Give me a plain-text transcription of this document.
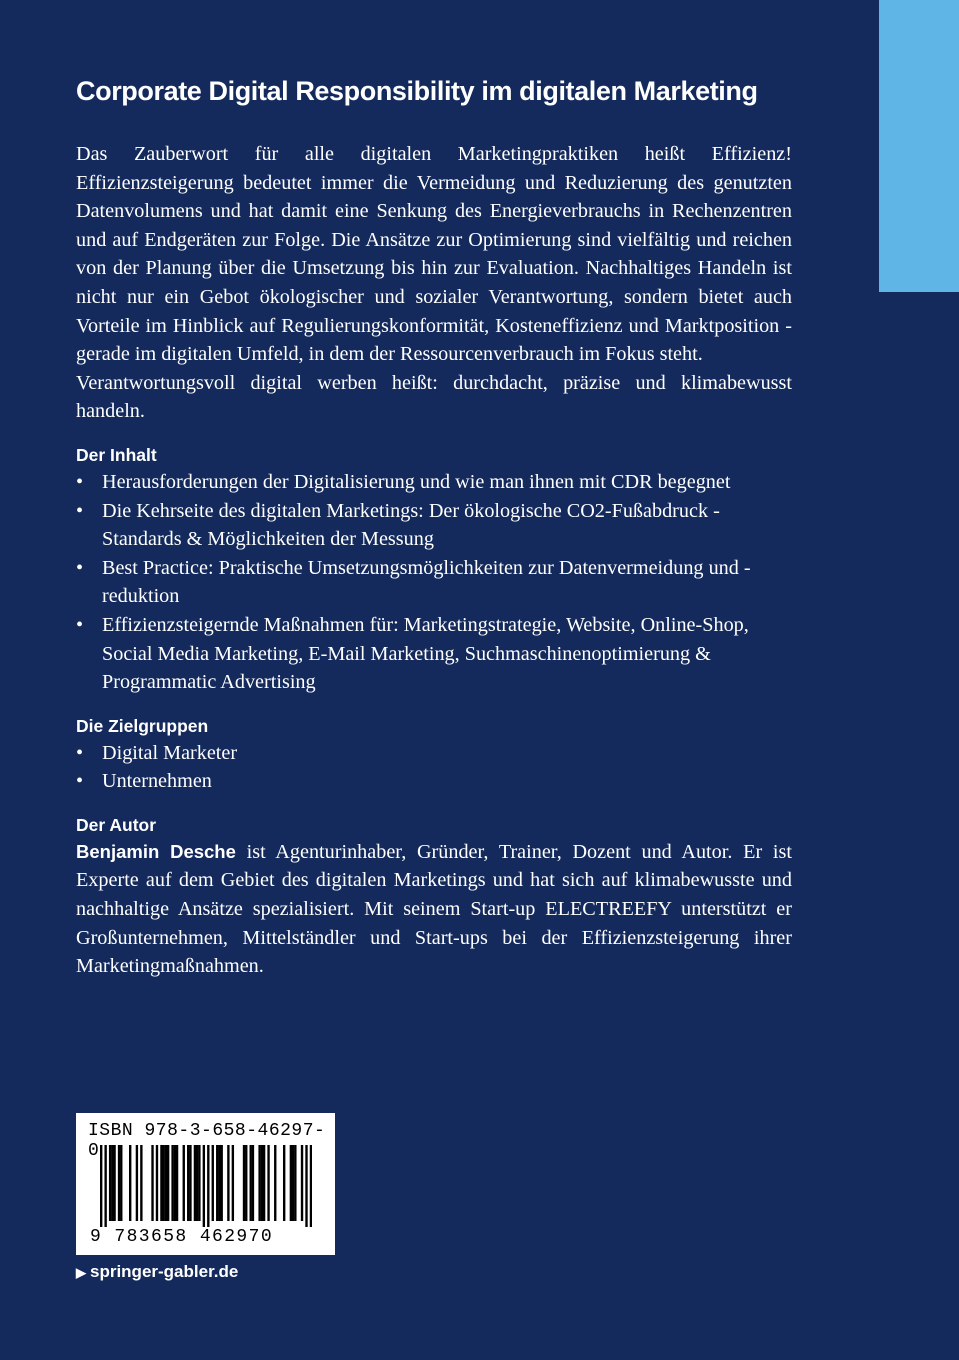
Corporate Digital Responsibility im digitalen Marketing

Das Zauberwort für alle digitalen Marketingpraktiken heißt Effizienz! Effizienzsteigerung bedeutet immer die Vermeidung und Reduzierung des genutzten Datenvolumens und hat damit eine Senkung des Energieverbrauchs in Rechenzentren und auf Endgeräten zur Folge. Die Ansätze zur Optimierung sind vielfältig und reichen von der Planung über die Umsetzung bis hin zur Evaluation. Nachhaltiges Handeln ist nicht nur ein Gebot ökologischer und sozialer Verantwortung, sondern bietet auch Vorteile im Hinblick auf Regulierungskonformität, Kosteneffizienz und Marktposition - gerade im digitalen Umfeld, in dem der Ressourcenverbrauch im Fokus steht.

Verantwortungsvoll digital werben heißt: durchdacht, präzise und klimabewusst handeln.

Der Inhalt
• Herausforderungen der Digitalisierung und wie man ihnen mit CDR begegnet
• Die Kehrseite des digitalen Marketings: Der ökologische CO2-Fußabdruck - Standards & Möglichkeiten der Messung
• Best Practice: Praktische Umsetzungsmöglichkeiten zur Datenvermeidung und -reduktion
• Effizienzsteigernde Maßnahmen für: Marketingstrategie, Website, Online-Shop, Social Media Marketing, E-Mail Marketing, Suchmaschinenoptimierung & Programmatic Advertising
Die Zielgruppen
• Digital Marketer
• Unternehmen
Der Autor

Benjamin Desche ist Agenturinhaber, Gründer, Trainer, Dozent und Autor. Er ist Experte auf dem Gebiet des digitalen Marketings und hat sich auf klimabewusste und nachhaltige Ansätze spezialisiert. Mit seinem Start-up ELECTREEFY unterstützt er Großunternehmen, Mittelständler und Start-ups bei der Effizienzsteigerung ihrer Marketingmaßnahmen.

ISBN 978-3-658-46297-0
9 783658 462970
▶ springer-gabler.de
